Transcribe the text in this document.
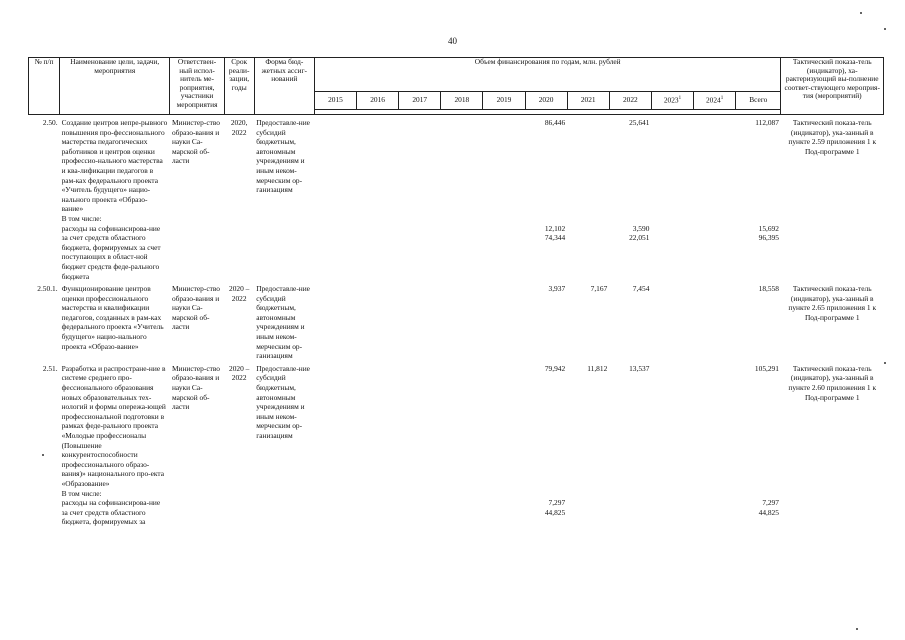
40
№ п/п	Наименование цели, задачи, мероприятия	Ответствен-ный испол-нитель ме-роприятия, участники мероприятия	Срок реали-зации, годы	Форма бюд-жетных ассиг-нований	Объем финансирования по годам, млн. рублей											Тактический показа-тель (индикатор), ха-рактеризующий вы-полнение соответ-ствующего мероприя-тия (мероприятий)
					2015	2016	2017	2018	2019	2020	2021	2022	2023$^1$	2024$^1$	Всего	

2.50.	Создание центров непре-рывного повышения про-фессионального мастерства педагогических работников и центров оценки профессио-нального мастерства и ква-лификации педагогов в рам-ках федерального проекта «Учитель будущего» нацио-нального проекта «Образо-вание»	Министер-ство образо-вания и науки Са-марской об-ласти	2020, 2022	Предоставле-ние субсидий бюджетным, автономным учреждениям и иным неком-мерческим ор-ганизациям						86,446		25,641			112,087	Тактический показа-тель (индикатор), ука-занный в пункте 2.59 приложения 1 к Под-программе 1
	В том числе:															
	расходы на софинансирова-ние									12,102		3,590			15,692	
	за счет средств областного бюджета, формируемых за счет поступающих в област-ной бюджет средств феде-рального бюджета									74,344		22,051			96,395	
2.50.1.	Функционирование центров оценки профессионального мастерства и квалификации педагогов, созданных в рам-ках федерального проекта «Учитель будущего» нацио-нального проекта «Образо-вание»	Министер-ство образо-вания и науки Са-марской об-ласти	2020 – 2022	Предоставле-ние субсидий бюджетным, автономным учреждениям и иным неком-мерческим ор-ганизациям						3,937	7,167	7,454			18,558	Тактический показа-тель (индикатор), ука-занный в пункте 2.65 приложения 1 к Под-программе 1
2.51.	Разработка и распростране-ние в системе среднего про-фессионального образования новых образовательных тех-нологий и формы опережа-ющей профессиональной подготовки в рамках феде-рального проекта «Молодые профессионалы (Повышение конкурентоспособности профессионального образо-вания)» национального про-екта «Образование»	Министер-ство образо-вания и науки Са-марской об-ласти	2020 – 2022	Предоставле-ние субсидий бюджетным, автономным учреждениям и иным неком-мерческим ор-ганизациям						79,942	11,812	13,537			105,291	Тактический показа-тель (индикатор), ука-занный в пункте 2.60 приложения 1 к Под-программе 1
	В том числе:															
	расходы на софинансирова-ние									7,297					7,297	
	за счет средств областного бюджета, формируемых за									44,825					44,825	
